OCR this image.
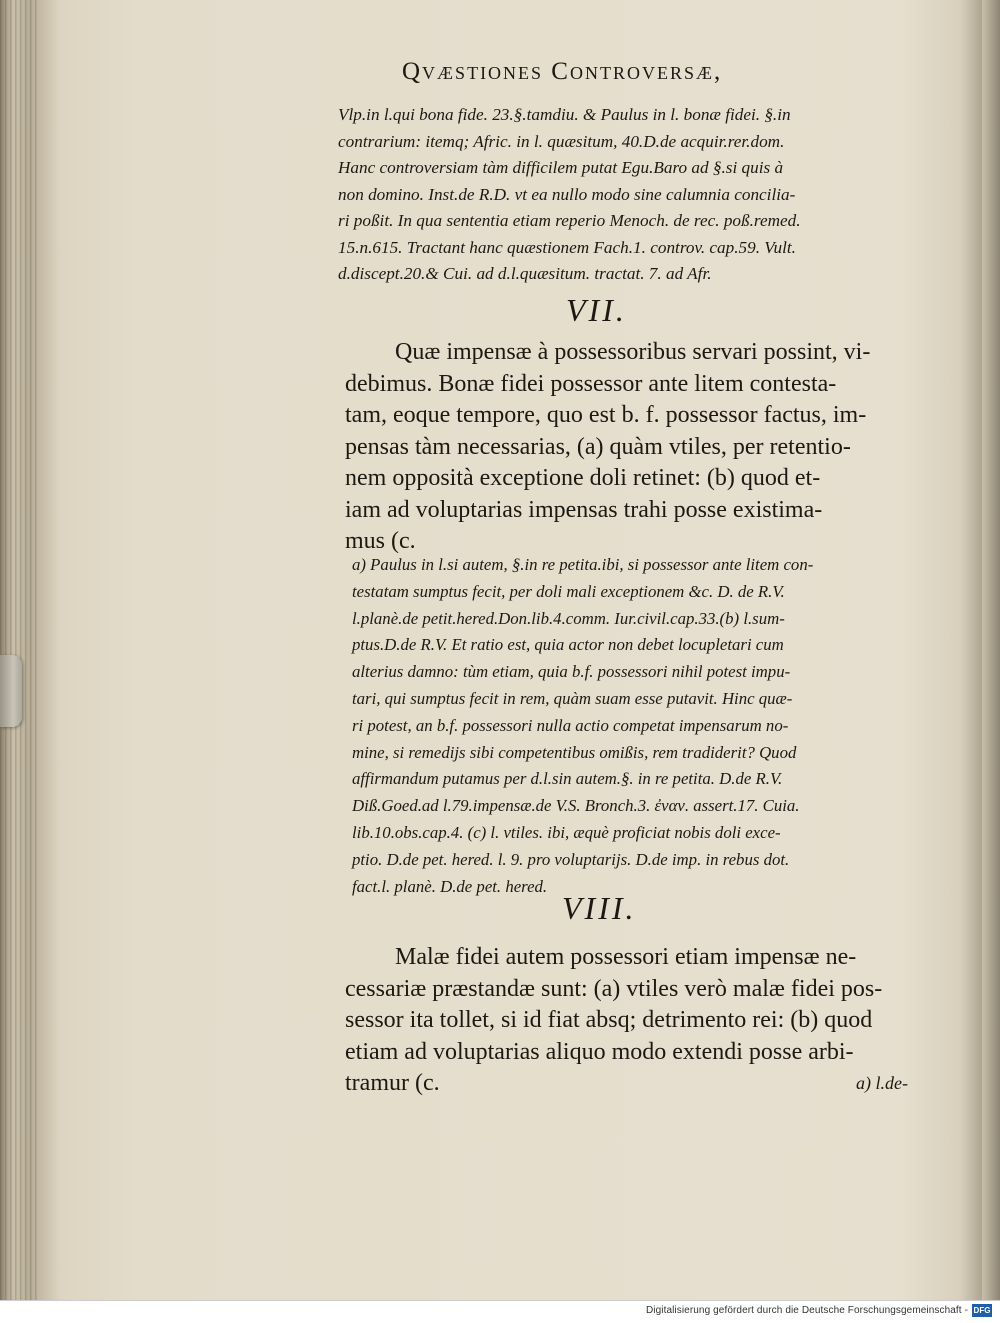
Qvæstiones Controversæ,
Vlp.in l.qui bona fide. 23.§.tamdiu. & Paulus in l. bonæ fidei. §.in
contrarium: itemq; Afric. in l. quæsitum, 40.D.de acquir.rer.dom.
Hanc controversiam tàm difficilem putat Egu.Baro ad §.si quis à
non domino. Inst.de R.D. vt ea nullo modo sine calumnia concilia-
ri poßit. In qua sententia etiam reperio Menoch. de rec. poß.remed.
15.n.615. Tractant hanc quæstionem Fach.1. controv. cap.59. Vult.
d.discept.20.& Cui. ad d.l.quæsitum. tractat. 7. ad Afr.
VII.
Quæ impensæ à possessoribus servari possint, vi-
debimus. Bonæ fidei possessor ante litem contesta-
tam, eoque tempore, quo est b. f. possessor factus, im-
pensas tàm necessarias, (a) quàm vtiles, per retentio-
nem opposità exceptione doli retinet: (b) quod et-
iam ad voluptarias impensas trahi posse existima-
mus (c.
a) Paulus in l.si autem, §.in re petita.ibi, si possessor ante litem con-
testatam sumptus fecit, per doli mali exceptionem &c. D. de R.V.
l.planè.de petit.hered.Don.lib.4.comm. Iur.civil.cap.33.(b) l.sum-
ptus.D.de R.V. Et ratio est, quia actor non debet locupletari cum
alterius damno: tùm etiam, quia b.f. possessori nihil potest impu-
tari, qui sumptus fecit in rem, quàm suam esse putavit. Hinc quæ-
ri potest, an b.f. possessori nulla actio competat impensarum no-
mine, si remedijs sibi competentibus omißis, rem tradiderit? Quod
affirmandum putamus per d.l.sin autem.§. in re petita. D.de R.V.
Diß.Goed.ad l.79.impensæ.de V.S. Bronch.3. ἐναν. assert.17. Cuia.
lib.10.obs.cap.4. (c) l. vtiles. ibi, æquè proficiat nobis doli exce-
ptio. D.de pet. hered. l. 9. pro voluptarijs. D.de imp. in rebus dot.
fact.l. planè. D.de pet. hered.
VIII.
Malæ fidei autem possessori etiam impensæ ne-
cessariæ præstandæ sunt: (a) vtiles verò malæ fidei pos-
sessor ita tollet, si id fiat absq; detrimento rei: (b) quod
etiam ad voluptarias aliquo modo extendi posse arbi-
tramur (c.	a) l.de-
Digitalisierung gefördert durch die Deutsche Forschungsgemeinschaft - DFG
